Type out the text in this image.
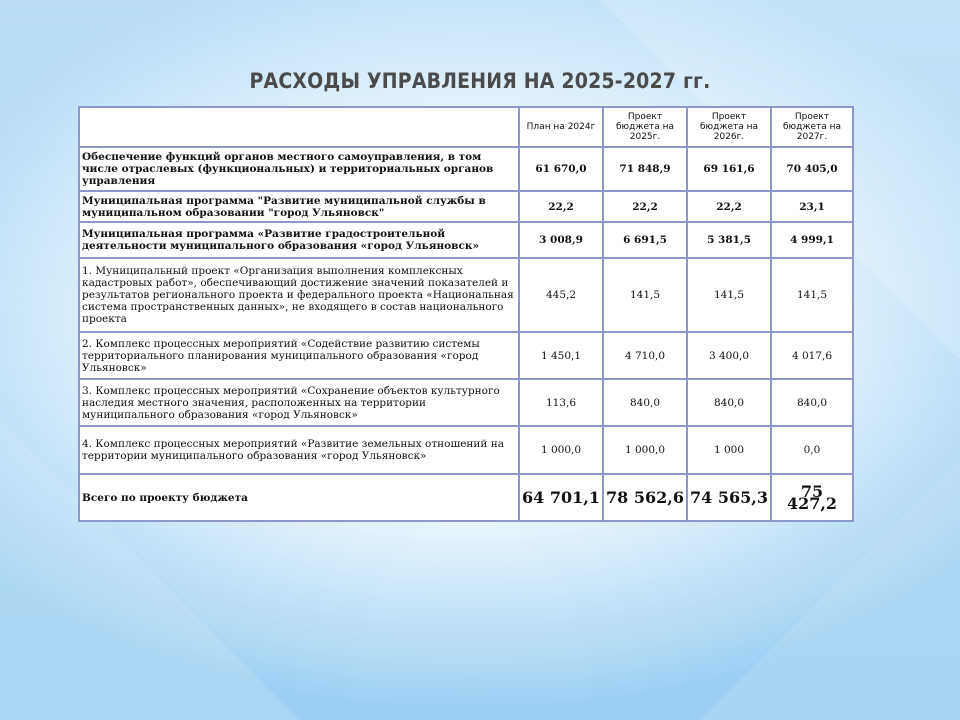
РАСХОДЫ УПРАВЛЕНИЯ НА 2025-2027 гг.
	План на 2024г	Проект бюджета на 2025г.	Проект бюджета на 2026г.	Проект бюджета на 2027г.
Обеспечение функций органов местного самоуправления, в том числе отраслевых (функциональных) и территориальных органов управления	61 670,0	71 848,9	69 161,6	70 405,0
Муниципальная программа "Развитие муниципальной службы в муниципальном образовании "город Ульяновск"	22,2	22,2	22,2	23,1
Муниципальная программа «Развитие градостроительной деятельности муниципального образования «город Ульяновск»	3 008,9	6 691,5	5 381,5	4 999,1
1. Муниципальный проект «Организация выполнения комплексных кадастровых работ», обеспечивающий достижение значений показателей и результатов регионального проекта и федерального проекта «Национальная система пространственных данных», не входящего в состав национального проекта	445,2	141,5	141,5	141,5
2. Комплекс процессных мероприятий «Содействие развитию системы территориального планирования муниципального образования «город Ульяновск»	1 450,1	4 710,0	3 400,0	4 017,6
3. Комплекс процессных мероприятий «Сохранение объектов культурного наследия местного значения, расположенных на территории муниципального образования «город Ульяновск»	113,6	840,0	840,0	840,0
4. Комплекс процессных мероприятий «Развитие земельных отношений на территории муниципального образования «город Ульяновск»	1 000,0	1 000,0	1 000	0,0
Всего по проекту бюджета	64 701,1	78 562,6	74 565,3	75 427,2
